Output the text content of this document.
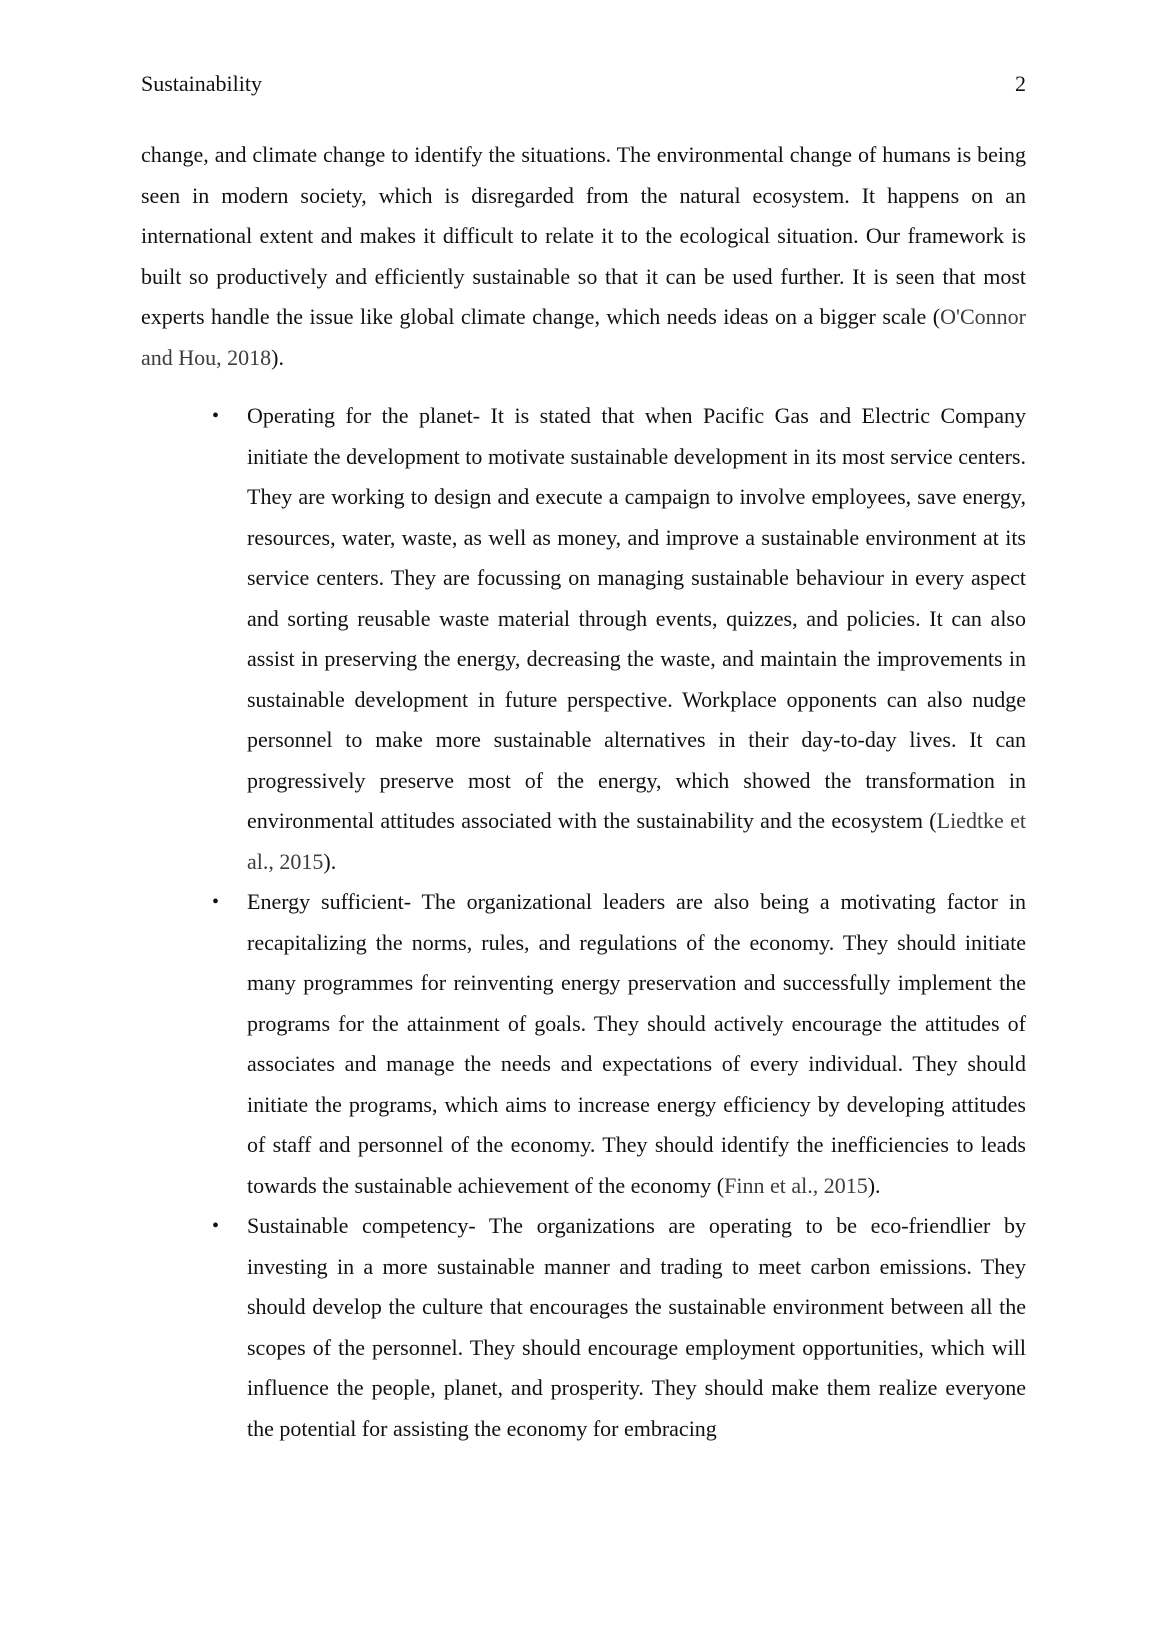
Sustainability	2

change, and climate change to identify the situations. The environmental change of humans is being seen in modern society, which is disregarded from the natural ecosystem. It happens on an international extent and makes it difficult to relate it to the ecological situation. Our framework is built so productively and efficiently sustainable so that it can be used further. It is seen that most experts handle the issue like global climate change, which needs ideas on a bigger scale (O'Connor and Hou, 2018).

• Operating for the planet- It is stated that when Pacific Gas and Electric Company initiate the development to motivate sustainable development in its most service centers. They are working to design and execute a campaign to involve employees, save energy, resources, water, waste, as well as money, and improve a sustainable environment at its service centers. They are focussing on managing sustainable behaviour in every aspect and sorting reusable waste material through events, quizzes, and policies. It can also assist in preserving the energy, decreasing the waste, and maintain the improvements in sustainable development in future perspective. Workplace opponents can also nudge personnel to make more sustainable alternatives in their day-to-day lives. It can progressively preserve most of the energy, which showed the transformation in environmental attitudes associated with the sustainability and the ecosystem (Liedtke et al., 2015).
• Energy sufficient- The organizational leaders are also being a motivating factor in recapitalizing the norms, rules, and regulations of the economy. They should initiate many programmes for reinventing energy preservation and successfully implement the programs for the attainment of goals. They should actively encourage the attitudes of associates and manage the needs and expectations of every individual. They should initiate the programs, which aims to increase energy efficiency by developing attitudes of staff and personnel of the economy. They should identify the inefficiencies to leads towards the sustainable achievement of the economy (Finn et al., 2015).
• Sustainable competency- The organizations are operating to be eco-friendlier by investing in a more sustainable manner and trading to meet carbon emissions. They should develop the culture that encourages the sustainable environment between all the scopes of the personnel. They should encourage employment opportunities, which will influence the people, planet, and prosperity. They should make them realize everyone the potential for assisting the economy for embracing
